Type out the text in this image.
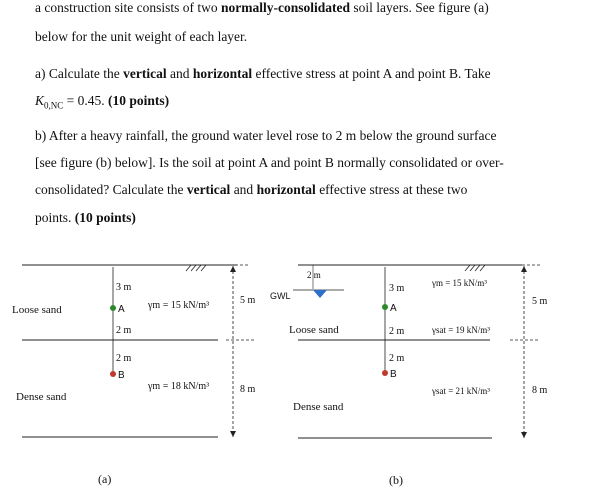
a construction site consists of two normally-consolidated soil layers. See figure (a)
below for the unit weight of each layer.
a) Calculate the vertical and horizontal effective stress at point A and point B. Take
$K_{0,NC} = 0.45$. (10 points)
b) After a heavy rainfall, the ground water level rose to 2 m below the ground surface
[see figure (b) below]. Is the soil at point A and point B normally consolidated or over-
consolidated? Calculate the vertical and horizontal effective stress at these two
points. (10 points)
3 m
A
2 m
2 m
B
Loose sand
Dense sand
γm = 15 kN/m³
γm = 18 kN/m³
5 m
8 m
(a)
GWL
2 m
3 m
A
2 m
2 m
B
Loose sand
Dense sand
γm = 15 kN/m³
γsat = 19 kN/m³
γsat = 21 kN/m³
5 m
8 m
(b)
